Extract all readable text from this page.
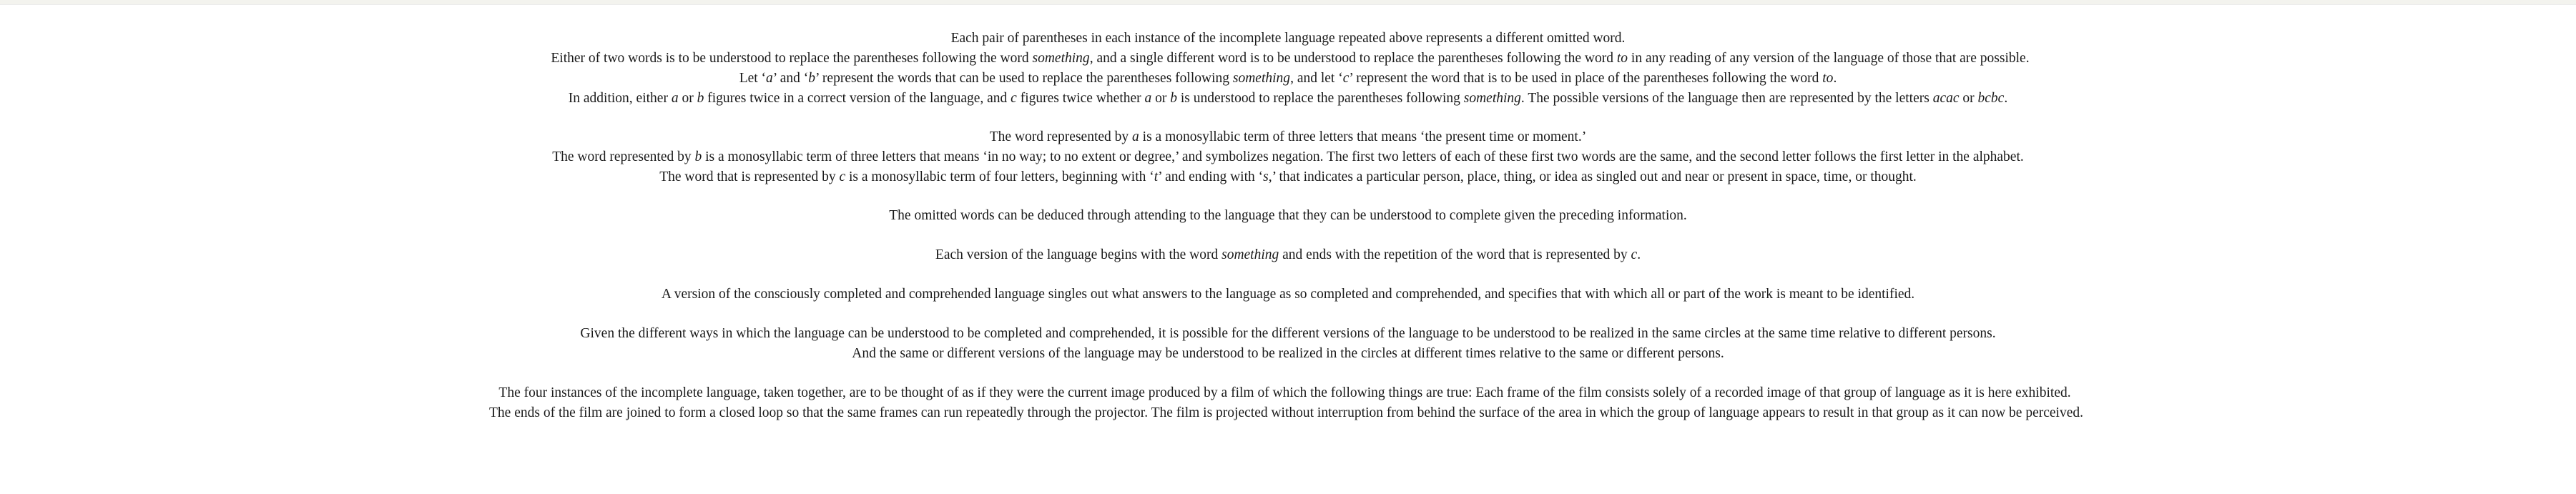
Each pair of parentheses in each instance of the incomplete language repeated above represents a different omitted word.
Either of two words is to be understood to replace the parentheses following the word something, and a single different word is to be understood to replace the parentheses following the word to in any reading of any version of the language of those that are possible.
Let ‘a’ and ‘b’ represent the words that can be used to replace the parentheses following something, and let ‘c’ represent the word that is to be used in place of the parentheses following the word to.
In addition, either a or b figures twice in a correct version of the language, and c figures twice whether a or b is understood to replace the parentheses following something. The possible versions of the language then are represented by the letters acac or bcbc.
The word represented by a is a monosyllabic term of three letters that means ‘the present time or moment.’
The word represented by b is a monosyllabic term of three letters that means ‘in no way; to no extent or degree,’ and symbolizes negation. The first two letters of each of these first two words are the same, and the second letter follows the first letter in the alphabet.
The word that is represented by c is a monosyllabic term of four letters, beginning with ‘t’ and ending with ‘s,’ that indicates a particular person, place, thing, or idea as singled out and near or present in space, time, or thought.
The omitted words can be deduced through attending to the language that they can be understood to complete given the preceding information.
Each version of the language begins with the word something and ends with the repetition of the word that is represented by c.
A version of the consciously completed and comprehended language singles out what answers to the language as so completed and comprehended, and specifies that with which all or part of the work is meant to be identified.
Given the different ways in which the language can be understood to be completed and comprehended, it is possible for the different versions of the language to be understood to be realized in the same circles at the same time relative to different persons.
And the same or different versions of the language may be understood to be realized in the circles at different times relative to the same or different persons.
The four instances of the incomplete language, taken together, are to be thought of as if they were the current image produced by a film of which the following things are true: Each frame of the film consists solely of a recorded image of that group of language as it is here exhibited.
The ends of the film are joined to form a closed loop so that the same frames can run repeatedly through the projector. The film is projected without interruption from behind the surface of the area in which the group of language appears to result in that group as it can now be perceived.
